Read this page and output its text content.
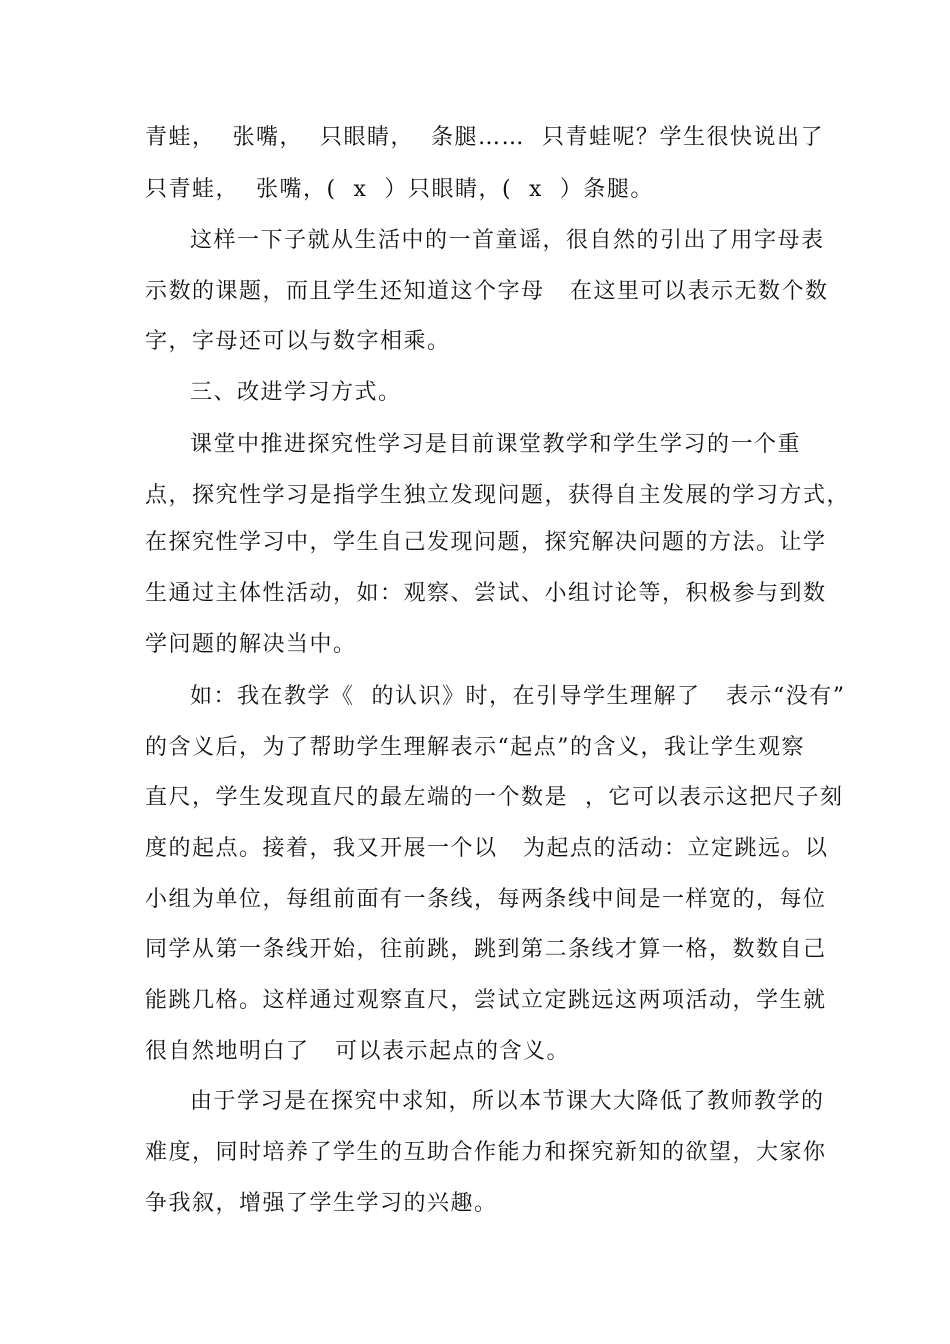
青蛙，  张嘴，  只眼睛，  条腿……  只青蛙呢？学生很快说出了
只青蛙，  张嘴，(  x  ）只眼睛，(  x  ）条腿。
这样一下子就从生活中的一首童谣，很自然的引出了用字母表
示数的课题，而且学生还知道这个字母   在这里可以表示无数个数
字，字母还可以与数字相乘。
三、改进学习方式。
课堂中推进探究性学习是目前课堂教学和学生学习的一个重
点，探究性学习是指学生独立发现问题，获得自主发展的学习方式，
在探究性学习中，学生自己发现问题，探究解决问题的方法。让学
生通过主体性活动，如：观察、尝试、小组讨论等，积极参与到数
学问题的解决当中。
如：我在教学《  的认识》时，在引导学生理解了   表示“没有”
的含义后，为了帮助学生理解表示“起点”的含义，我让学生观察
直尺，学生发现直尺的最左端的一个数是  ，它可以表示这把尺子刻
度的起点。接着，我又开展一个以   为起点的活动：立定跳远。以
小组为单位，每组前面有一条线，每两条线中间是一样宽的，每位
同学从第一条线开始，往前跳，跳到第二条线才算一格，数数自己
能跳几格。这样通过观察直尺，尝试立定跳远这两项活动，学生就
很自然地明白了   可以表示起点的含义。
由于学习是在探究中求知，所以本节课大大降低了教师教学的
难度，同时培养了学生的互助合作能力和探究新知的欲望，大家你
争我叙，增强了学生学习的兴趣。
